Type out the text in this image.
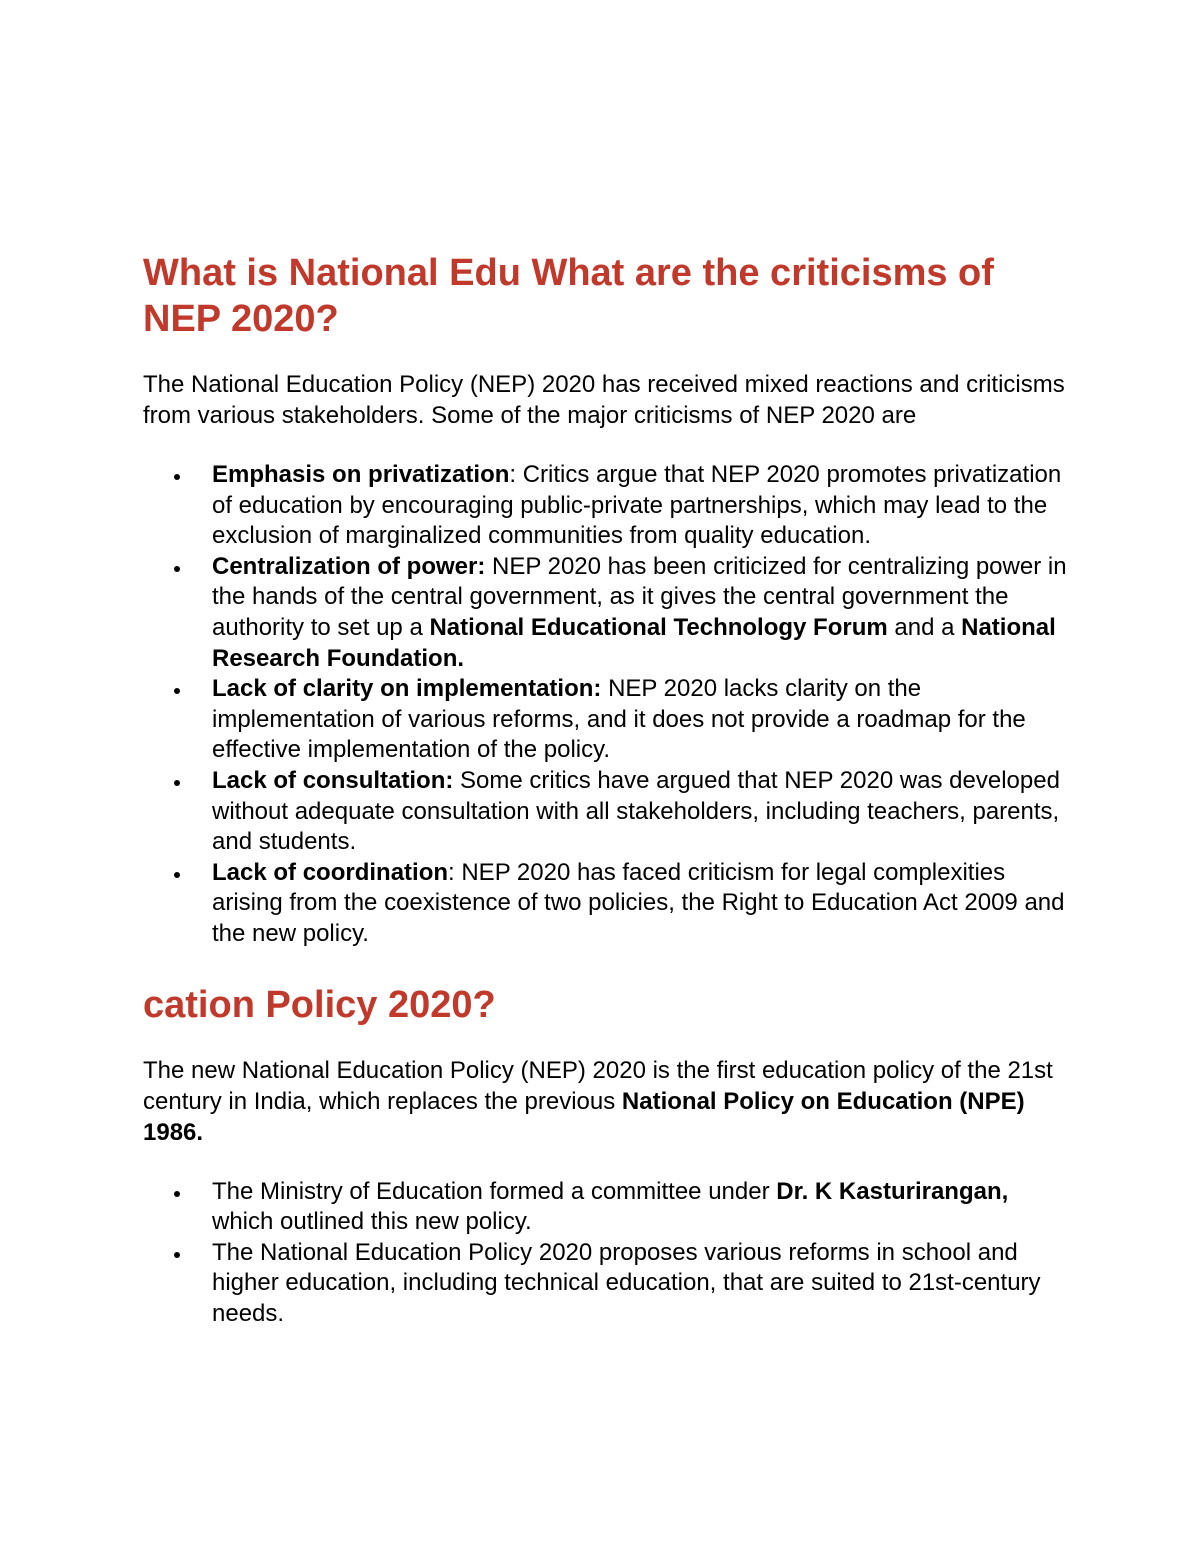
What is National Edu What are the criticisms of NEP 2020?

The National Education Policy (NEP) 2020 has received mixed reactions and criticisms from various stakeholders. Some of the major criticisms of NEP 2020 are

Emphasis on privatization: Critics argue that NEP 2020 promotes privatization of education by encouraging public-private partnerships, which may lead to the exclusion of marginalized communities from quality education.
Centralization of power: NEP 2020 has been criticized for centralizing power in the hands of the central government, as it gives the central government the authority to set up a National Educational Technology Forum and a National Research Foundation.
Lack of clarity on implementation: NEP 2020 lacks clarity on the implementation of various reforms, and it does not provide a roadmap for the effective implementation of the policy.
Lack of consultation: Some critics have argued that NEP 2020 was developed without adequate consultation with all stakeholders, including teachers, parents, and students.
Lack of coordination: NEP 2020 has faced criticism for legal complexities arising from the coexistence of two policies, the Right to Education Act 2009 and the new policy.
cation Policy 2020?

The new National Education Policy (NEP) 2020 is the first education policy of the 21st century in India, which replaces the previous National Policy on Education (NPE) 1986.

The Ministry of Education formed a committee under Dr. K Kasturirangan, which outlined this new policy.
The National Education Policy 2020 proposes various reforms in school and higher education, including technical education, that are suited to 21st-century needs.
